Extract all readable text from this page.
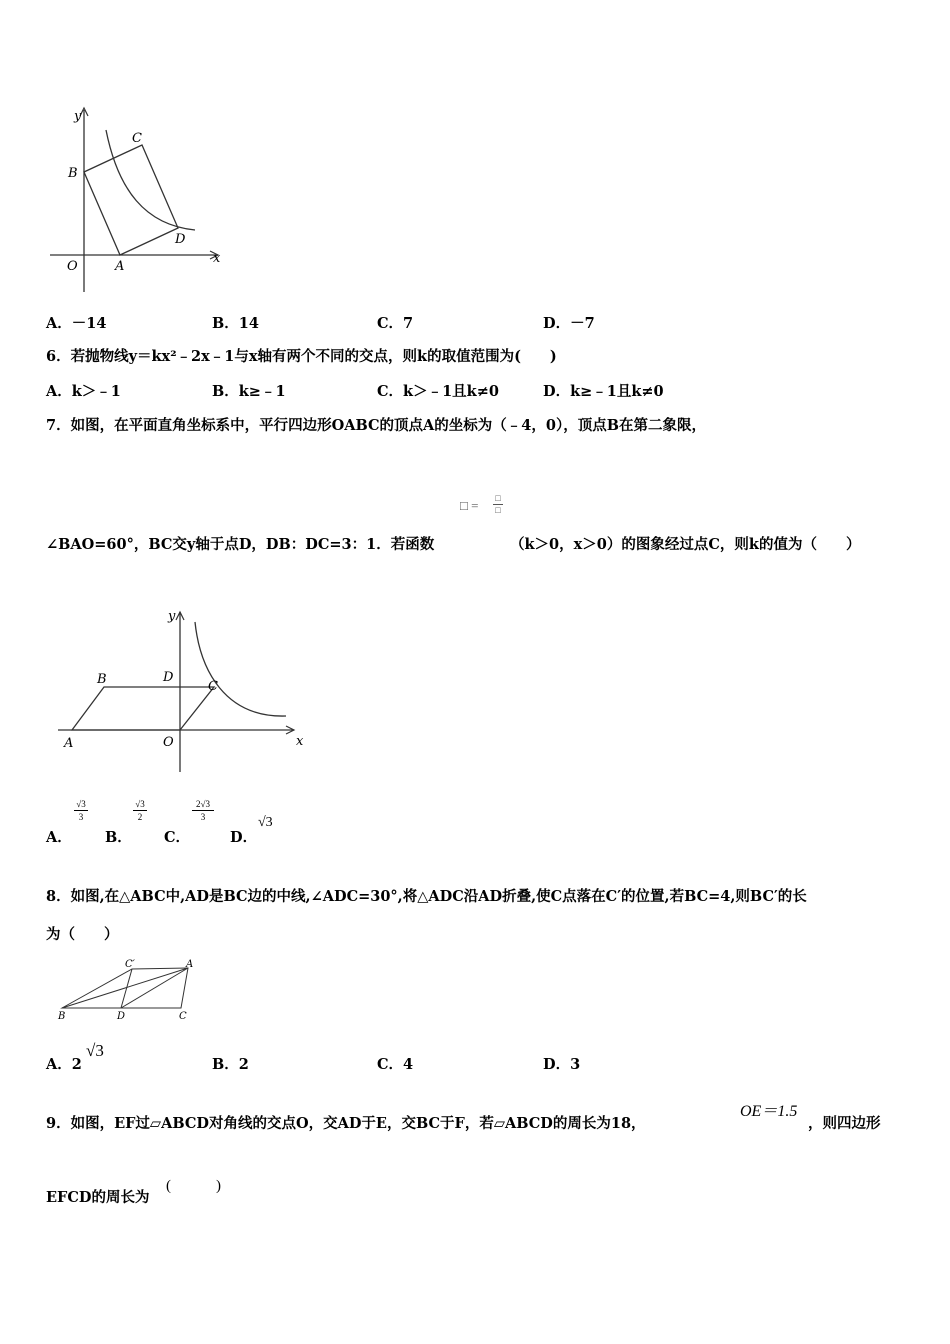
y
C
B
D
O	A
x
A．－14	B．14	C．7	D．－7
6．若抛物线y＝kx²﹣2x﹣1与x轴有两个不同的交点，则k的取值范围为(　　)
A．k＞﹣1	B．k≥﹣1	C．k＞﹣1且k≠0	D．k≥﹣1且k≠0
7．如图，在平面直角坐标系中，平行四边形OABC的顶点A的坐标为（﹣4，0），顶点B在第二象限，
□ = □
□
∠BAO=60°，BC交y轴于点D，DB：DC=3：1．若函数	（k＞0，x＞0）的图象经过点C，则k的值为（　　）
y
B	D
C
A	O	x
A．
$\frac{√3}{3}$
B．
$\frac{√3}{2}$
C．
$\frac{2√3}{3}$
D．
√3
8．如图,在△ABC中,AD是BC边的中线,∠ADC=30°,将△ADC沿AD折叠,使C点落在C′的位置,若BC=4,则BC′的长
为（　　）
C′	A
B	D	C
A．2
√3
B．2	C．4	D．3
9．如图，EF过▱ABCD对角线的交点O，交AD于E，交BC于F，若▱ABCD的周长为18，
OE＝1.5
，则四边形
EFCD的周长为
(　　　)
